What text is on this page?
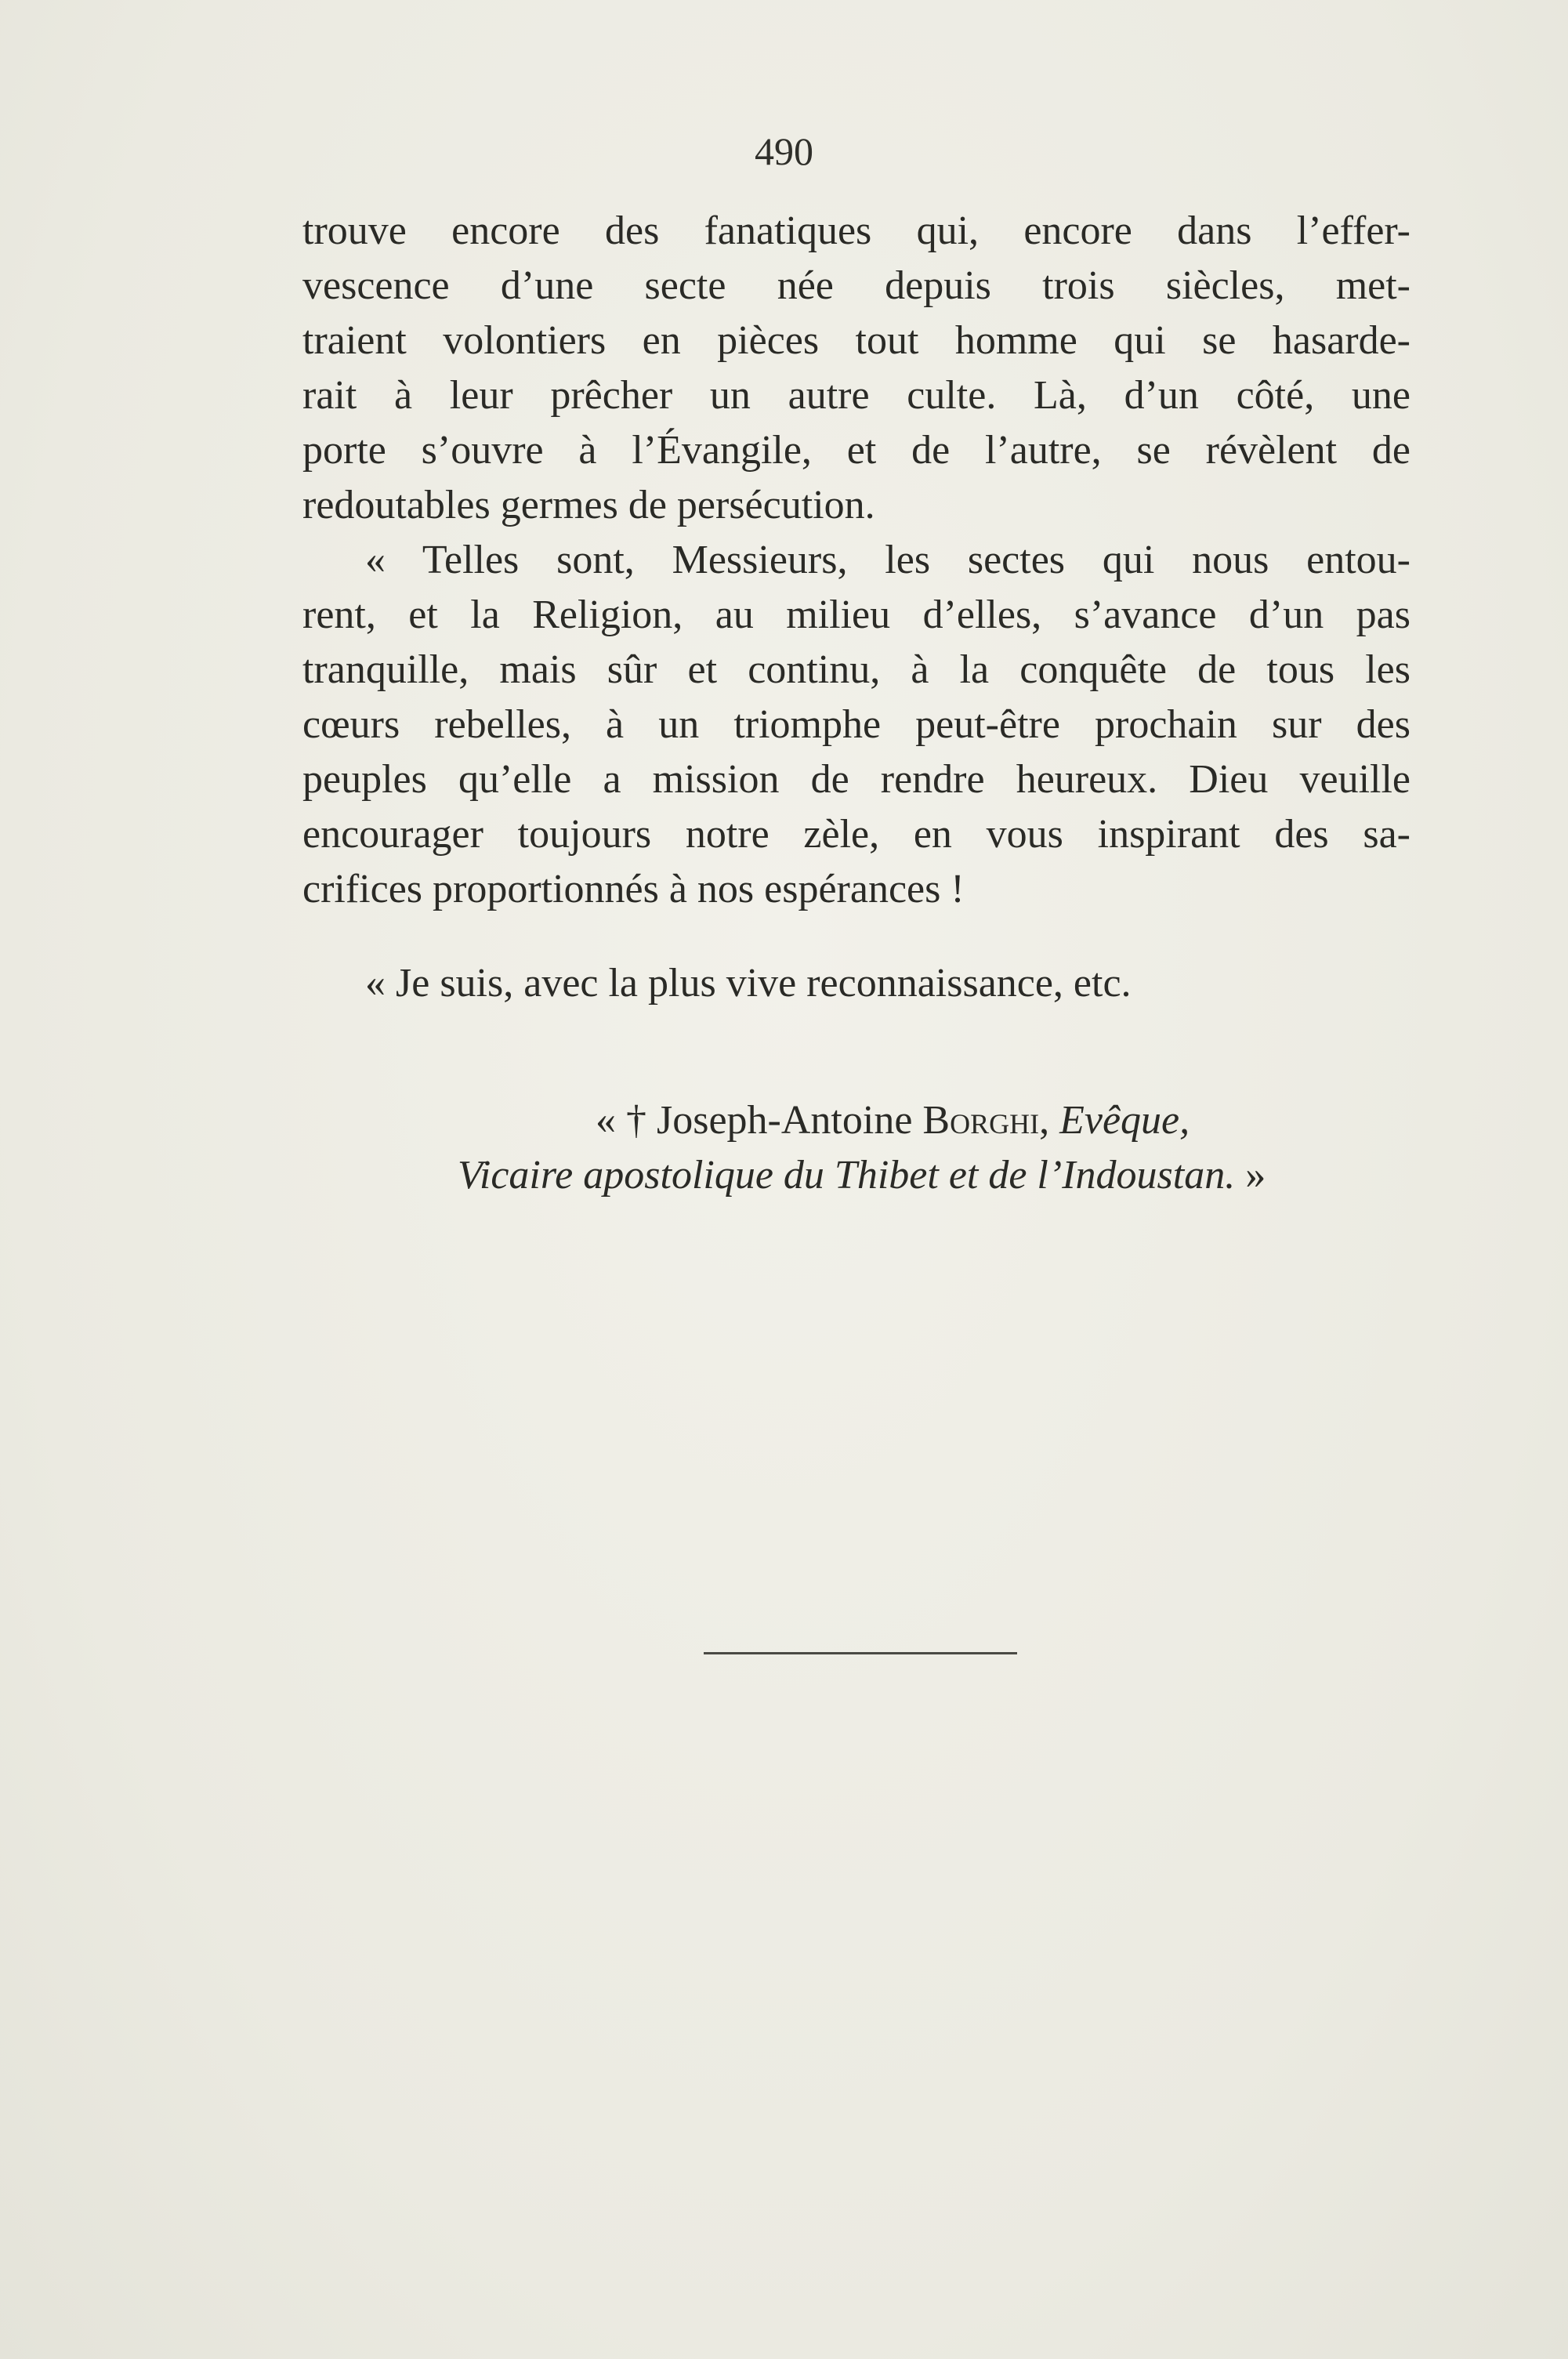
490
trouve encore des fanatiques qui, encore dans l’effer-
vescence d’une secte née depuis trois siècles, met-
traient volontiers en pièces tout homme qui se hasarde-
rait à leur prêcher un autre culte. Là, d’un côté, une
porte s’ouvre à l’Évangile, et de l’autre, se révèlent de
redoutables germes de persécution.
« Telles sont, Messieurs, les sectes qui nous entou-
rent, et la Religion, au milieu d’elles, s’avance d’un pas
tranquille, mais sûr et continu, à la conquête de tous les
cœurs rebelles, à un triomphe peut-être prochain sur des
peuples qu’elle a mission de rendre heureux. Dieu veuille
encourager toujours notre zèle, en vous inspirant des sa-
crifices proportionnés à nos espérances !
« Je suis, avec la plus vive reconnaissance, etc.
« † Joseph-Antoine Borghi, Evêque,
Vicaire apostolique du Thibet et de l’Indoustan. »
